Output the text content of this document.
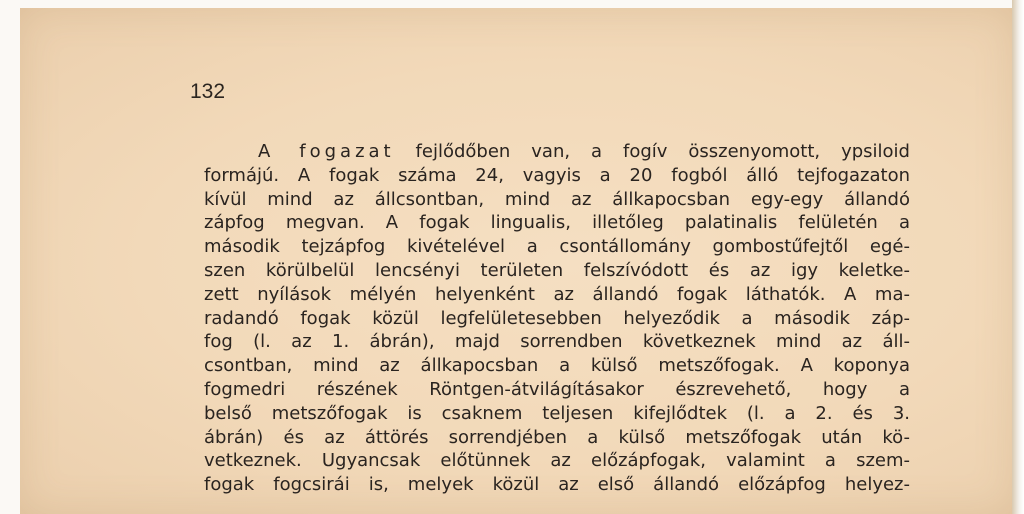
132
A fogazat fejlődőben van, a fogív összenyomott, ypsiloid
formájú. A fogak száma 24, vagyis a 20 fogból álló tejfogazaton
kívül mind az állcsontban, mind az állkapocsban egy-egy állandó
zápfog megvan. A fogak lingualis, illetőleg palatinalis felületén a
második tejzápfog kivételével a csontállomány gombostűfejtől egé-
szen körülbelül lencsényi területen felszívódott és az igy keletke-
zett nyílások mélyén helyenként az állandó fogak láthatók. A ma-
radandó fogak közül legfelületesebben helyeződik a második záp-
fog (l. az 1. ábrán), majd sorrendben következnek mind az áll-
csontban, mind az állkapocsban a külső metszőfogak. A koponya
fogmedri részének Röntgen-átvilágításakor észrevehető, hogy a
belső metszőfogak is csaknem teljesen kifejlődtek (l. a 2. és 3.
ábrán) és az áttörés sorrendjében a külső metszőfogak után kö-
vetkeznek. Ugyancsak előtünnek az előzápfogak, valamint a szem-
fogak fogcsirái is, melyek közül az első állandó előzápfog helyez-
